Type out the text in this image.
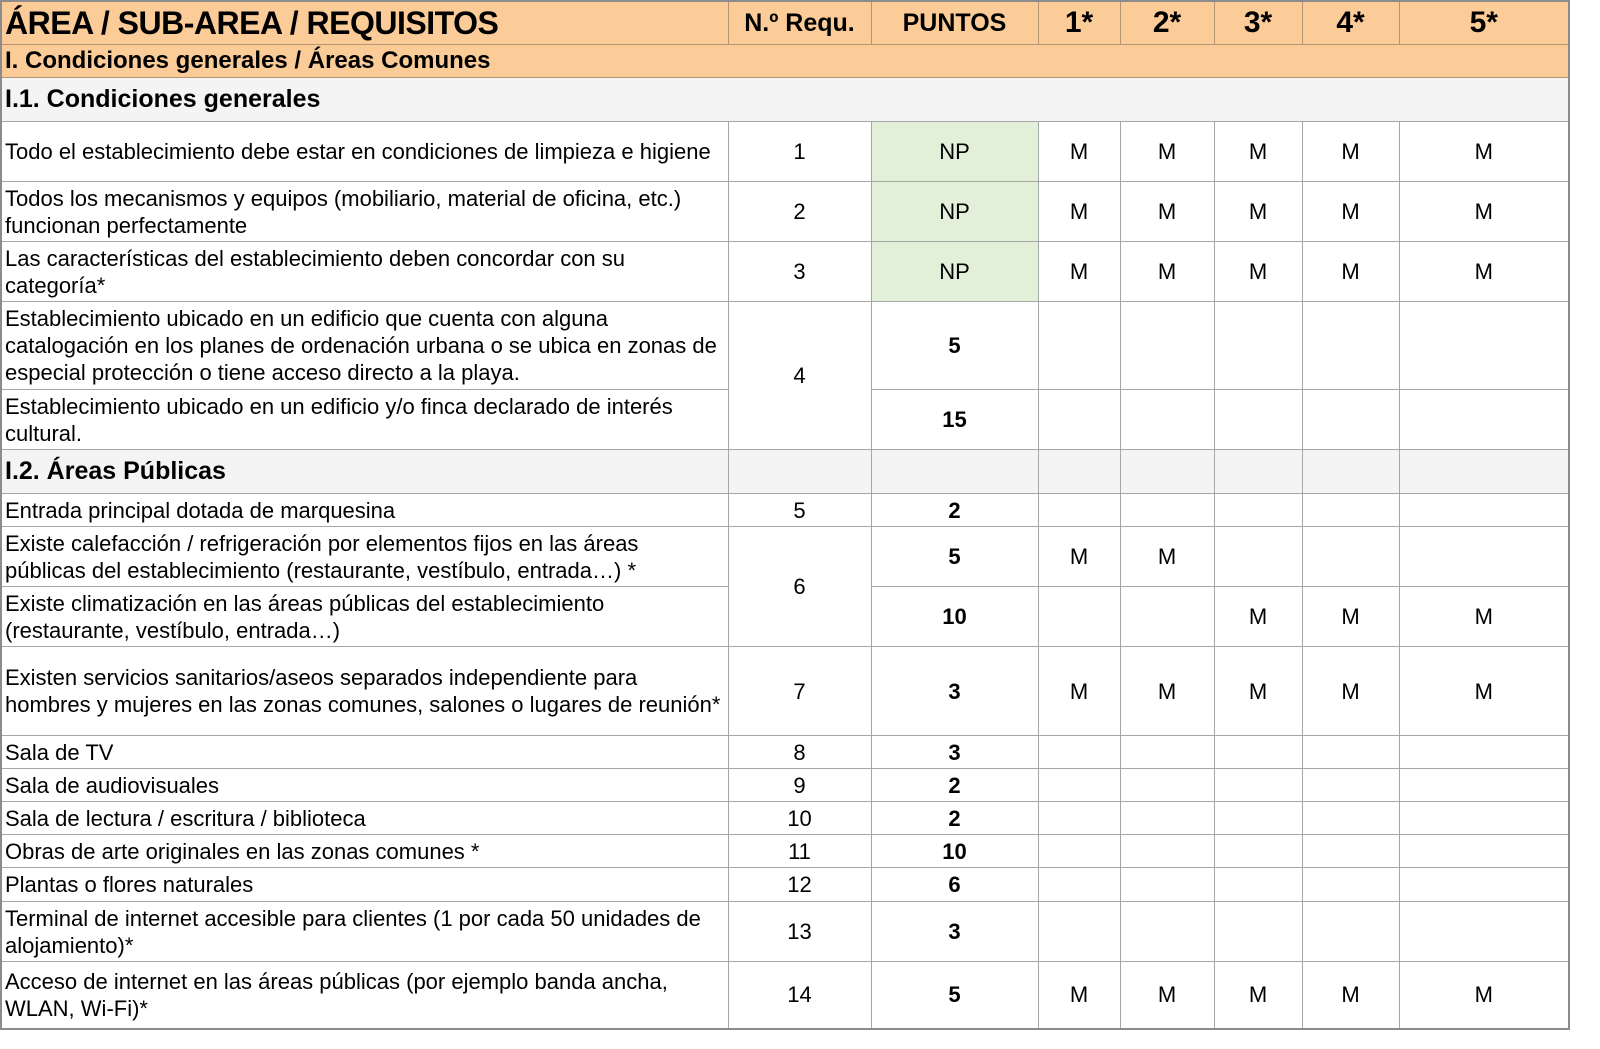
ÁREA / SUB-AREA / REQUISITOS	N.º Requ.	PUNTOS	1*	2*	3*	4*	5*
I. Condiciones generales / Áreas Comunes							
I.1. Condiciones generales							
Todo el establecimiento debe estar en condiciones de limpieza e higiene	1	NP	M	M	M	M	M
Todos los mecanismos y equipos (mobiliario, material de oficina, etc.) funcionan perfectamente	2	NP	M	M	M	M	M
Las características del establecimiento deben concordar con su categoría*	3	NP	M	M	M	M	M
Establecimiento ubicado en un edificio que cuenta con alguna catalogación en los planes de ordenación urbana o se ubica en zonas de especial protección o tiene acceso directo a la playa.	4	5					
Establecimiento ubicado en un edificio y/o finca declarado de interés cultural.		15					
I.2. Áreas Públicas							
Entrada principal dotada de marquesina	5	2					
Existe calefacción / refrigeración por elementos fijos en las áreas públicas del establecimiento (restaurante, vestíbulo, entrada…) *	6	5	M	M			
Existe climatización en las áreas públicas del establecimiento (restaurante, vestíbulo, entrada…)		10			M	M	M
Existen servicios sanitarios/aseos separados independiente para hombres y mujeres en las zonas comunes, salones o lugares de reunión*	7	3	M	M	M	M	M
Sala de TV	8	3					
Sala de audiovisuales	9	2					
Sala de lectura / escritura / biblioteca	10	2					
Obras de arte originales en las zonas comunes *	11	10					
Plantas o flores naturales	12	6					
Terminal de internet accesible para clientes (1 por cada 50 unidades de alojamiento)*	13	3					
Acceso de internet en las áreas públicas (por ejemplo banda ancha, WLAN, Wi-Fi)*	14	5	M	M	M	M	M
